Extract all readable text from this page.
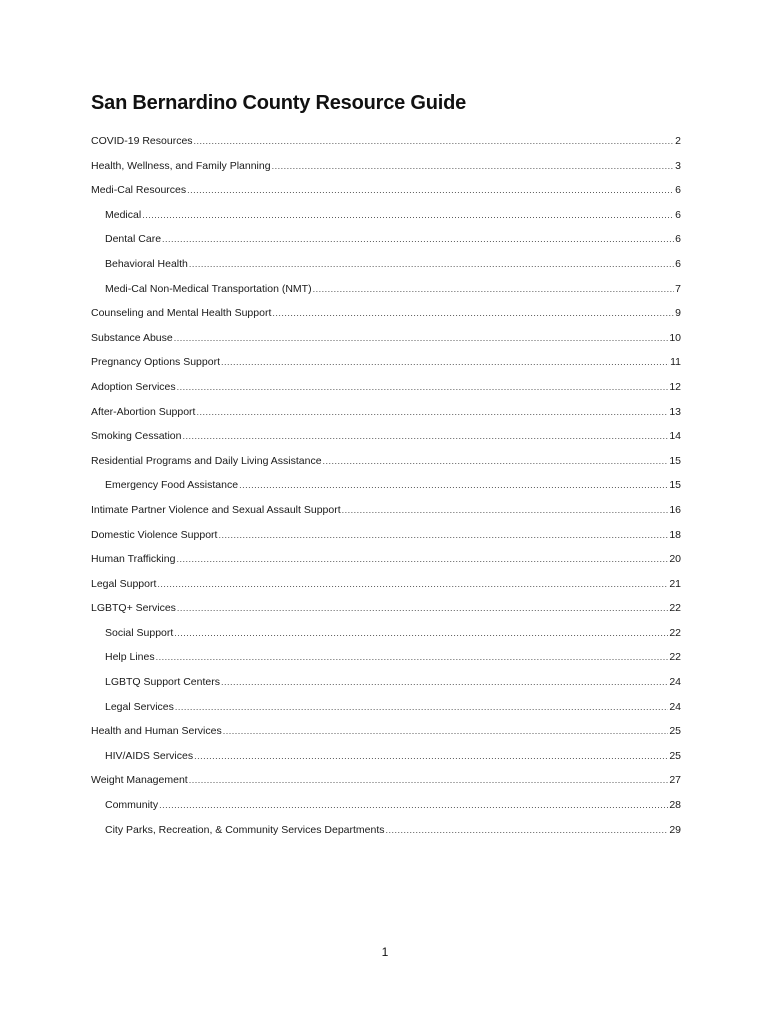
San Bernardino County Resource Guide
COVID-19 Resources .....	2
Health, Wellness, and Family Planning .....	3
Medi-Cal Resources .....	6
Medical .....	6
Dental Care .....	6
Behavioral Health .....	6
Medi-Cal Non-Medical Transportation (NMT) .....	7
Counseling and Mental Health Support .....	9
Substance Abuse .....	10
Pregnancy Options Support .....	11
Adoption Services .....	12
After-Abortion Support .....	13
Smoking Cessation .....	14
Residential Programs and Daily Living Assistance .....	15
Emergency Food Assistance .....	15
Intimate Partner Violence and Sexual Assault Support .....	16
Domestic Violence Support .....	18
Human Trafficking .....	20
Legal Support .....	21
LGBTQ+ Services .....	22
Social Support .....	22
Help Lines .....	22
LGBTQ Support Centers .....	24
Legal Services .....	24
Health and Human Services .....	25
HIV/AIDS Services .....	25
Weight Management .....	27
Community .....	28
City Parks, Recreation, & Community Services Departments .....	29
1
